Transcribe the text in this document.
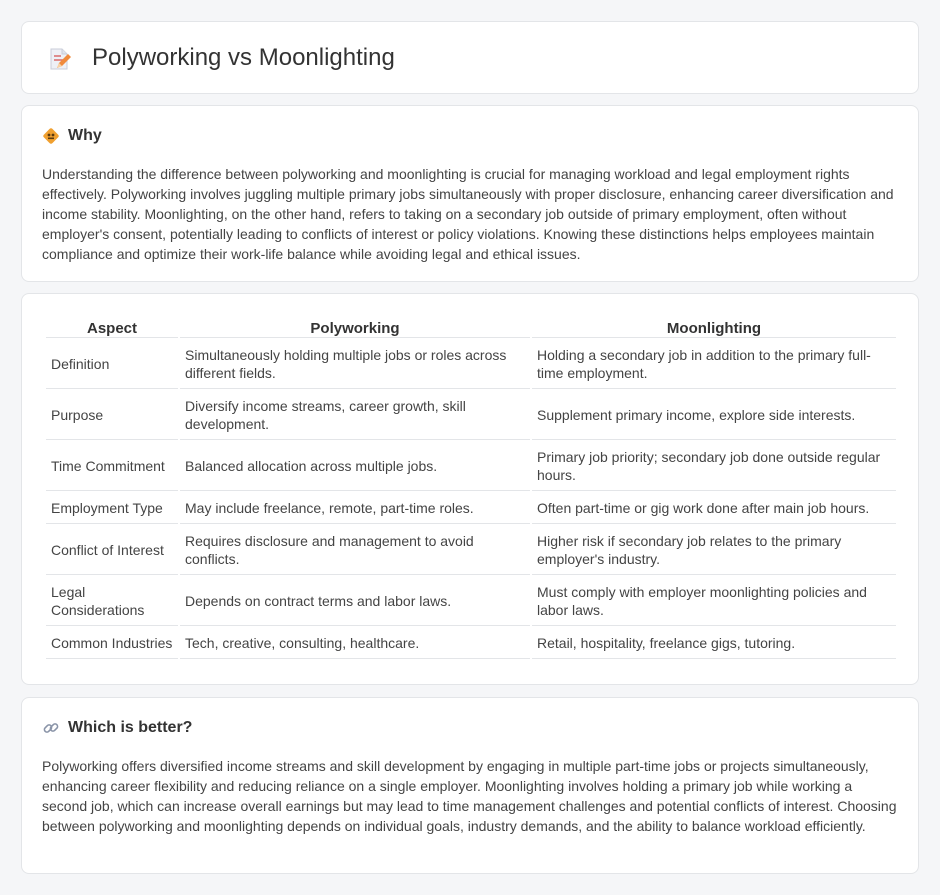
Polyworking vs Moonlighting
Why
Understanding the difference between polyworking and moonlighting is crucial for managing workload and legal employment rights effectively. Polyworking involves juggling multiple primary jobs simultaneously with proper disclosure, enhancing career diversification and income stability. Moonlighting, on the other hand, refers to taking on a secondary job outside of primary employment, often without employer's consent, potentially leading to conflicts of interest or policy violations. Knowing these distinctions helps employees maintain compliance and optimize their work-life balance while avoiding legal and ethical issues.
Aspect	Polyworking	Moonlighting
Definition	Simultaneously holding multiple jobs or roles across different fields.	Holding a secondary job in addition to the primary full-time employment.
Purpose	Diversify income streams, career growth, skill development.	Supplement primary income, explore side interests.
Time Commitment	Balanced allocation across multiple jobs.	Primary job priority; secondary job done outside regular hours.
Employment Type	May include freelance, remote, part-time roles.	Often part-time or gig work done after main job hours.
Conflict of Interest	Requires disclosure and management to avoid conflicts.	Higher risk if secondary job relates to the primary employer's industry.
Legal Considerations	Depends on contract terms and labor laws.	Must comply with employer moonlighting policies and labor laws.
Common Industries	Tech, creative, consulting, healthcare.	Retail, hospitality, freelance gigs, tutoring.
Which is better?
Polyworking offers diversified income streams and skill development by engaging in multiple part-time jobs or projects simultaneously, enhancing career flexibility and reducing reliance on a single employer. Moonlighting involves holding a primary job while working a second job, which can increase overall earnings but may lead to time management challenges and potential conflicts of interest. Choosing between polyworking and moonlighting depends on individual goals, industry demands, and the ability to balance workload efficiently.
